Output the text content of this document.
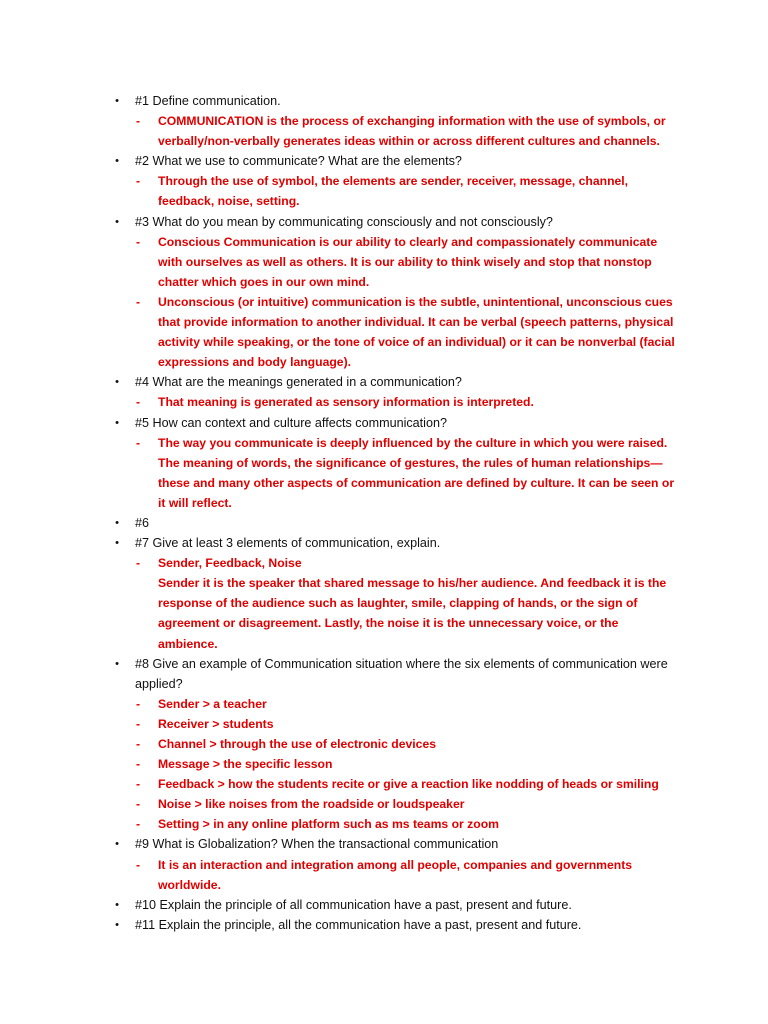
• #1 Define communication.
- COMMUNICATION is the process of exchanging information with the use of symbols, or verbally/non-verbally generates ideas within or across different cultures and channels.
• #2 What we use to communicate? What are the elements?
- Through the use of symbol, the elements are sender, receiver, message, channel, feedback, noise, setting.
• #3 What do you mean by communicating consciously and not consciously?
- Conscious Communication is our ability to clearly and compassionately communicate with ourselves as well as others. It is our ability to think wisely and stop that nonstop chatter which goes in our own mind.
- Unconscious (or intuitive) communication is the subtle, unintentional, unconscious cues that provide information to another individual. It can be verbal (speech patterns, physical activity while speaking, or the tone of voice of an individual) or it can be nonverbal (facial expressions and body language).
• #4 What are the meanings generated in a communication?
- That meaning is generated as sensory information is interpreted.
• #5 How can context and culture affects communication?
- The way you communicate is deeply influenced by the culture in which you were raised. The meaning of words, the significance of gestures, the rules of human relationships—these and many other aspects of communication are defined by culture. It can be seen or it will reflect.
• #6
• #7 Give at least 3 elements of communication, explain.
- Sender, Feedback, Noise
Sender it is the speaker that shared message to his/her audience. And feedback it is the response of the audience such as laughter, smile, clapping of hands, or the sign of agreement or disagreement. Lastly, the noise it is the unnecessary voice, or the ambience.
• #8 Give an example of Communication situation where the six elements of communication were applied?
- Sender > a teacher
- Receiver > students
- Channel > through the use of electronic devices
- Message > the specific lesson
- Feedback > how the students recite or give a reaction like nodding of heads or smiling
- Noise > like noises from the roadside or loudspeaker
- Setting > in any online platform such as ms teams or zoom
• #9 What is Globalization? When the transactional communication
- It is an interaction and integration among all people, companies and governments worldwide.
• #10 Explain the principle of all communication have a past, present and future.
• #11 Explain the principle, all the communication have a past, present and future.
